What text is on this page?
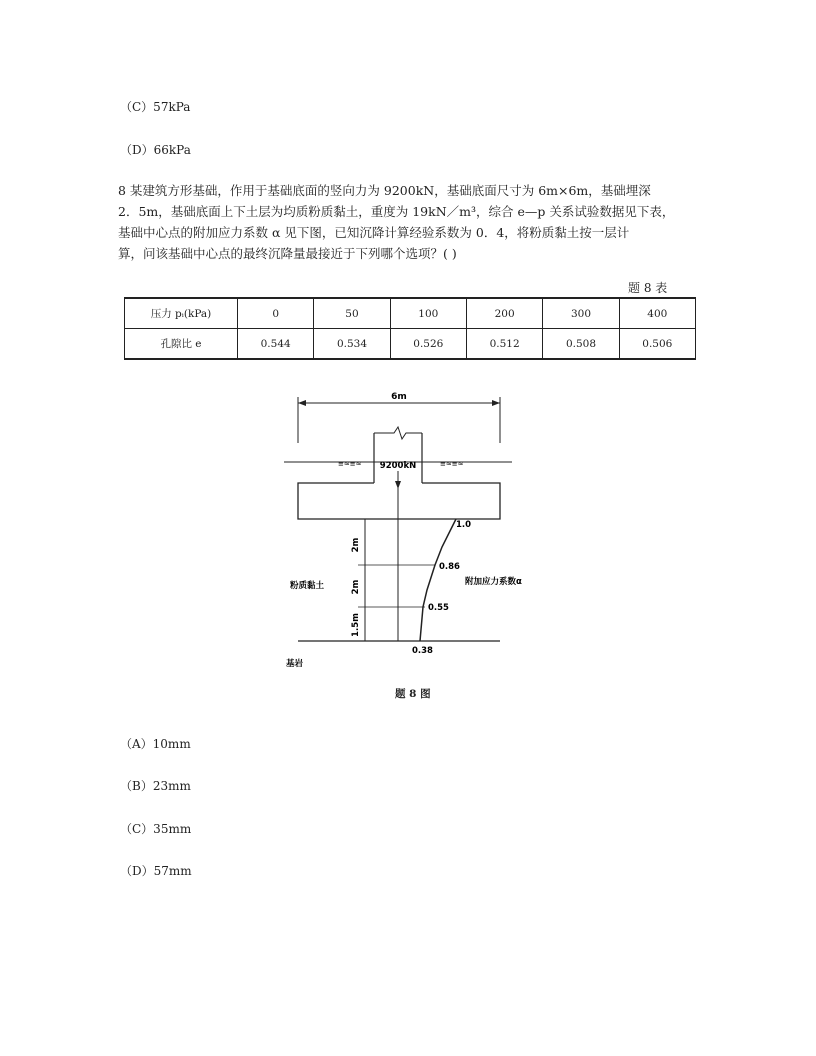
（C）57kPa
（D）66kPa

8 某建筑方形基础，作用于基础底面的竖向力为 9200kN，基础底面尺寸为 6m×6m，基础埋深

2．5m，基础底面上下土层为均质粉质黏土，重度为 19kN／m³，综合 e—p 关系试验数据见下表，

基础中心点的附加应力系数 α 见下图，已知沉降计算经验系数为 0．4，将粉质黏土按一层计

算，问该基础中心点的最终沉降量最接近于下列哪个选项？( )

题 8 表
压力 pᵢ(kPa)	0	50	100	200	300	400
孔隙比 e	0.544	0.534	0.526	0.512	0.508	0.506
6m
≡≈≡≈	≡≈≡≈
9200kN
2m
2m
1.5m
1.0
0.86
0.55
0.38
附加应力系数α
粉质黏土
基岩
题 8 图
（A）10mm
（B）23mm
（C）35mm
（D）57mm
